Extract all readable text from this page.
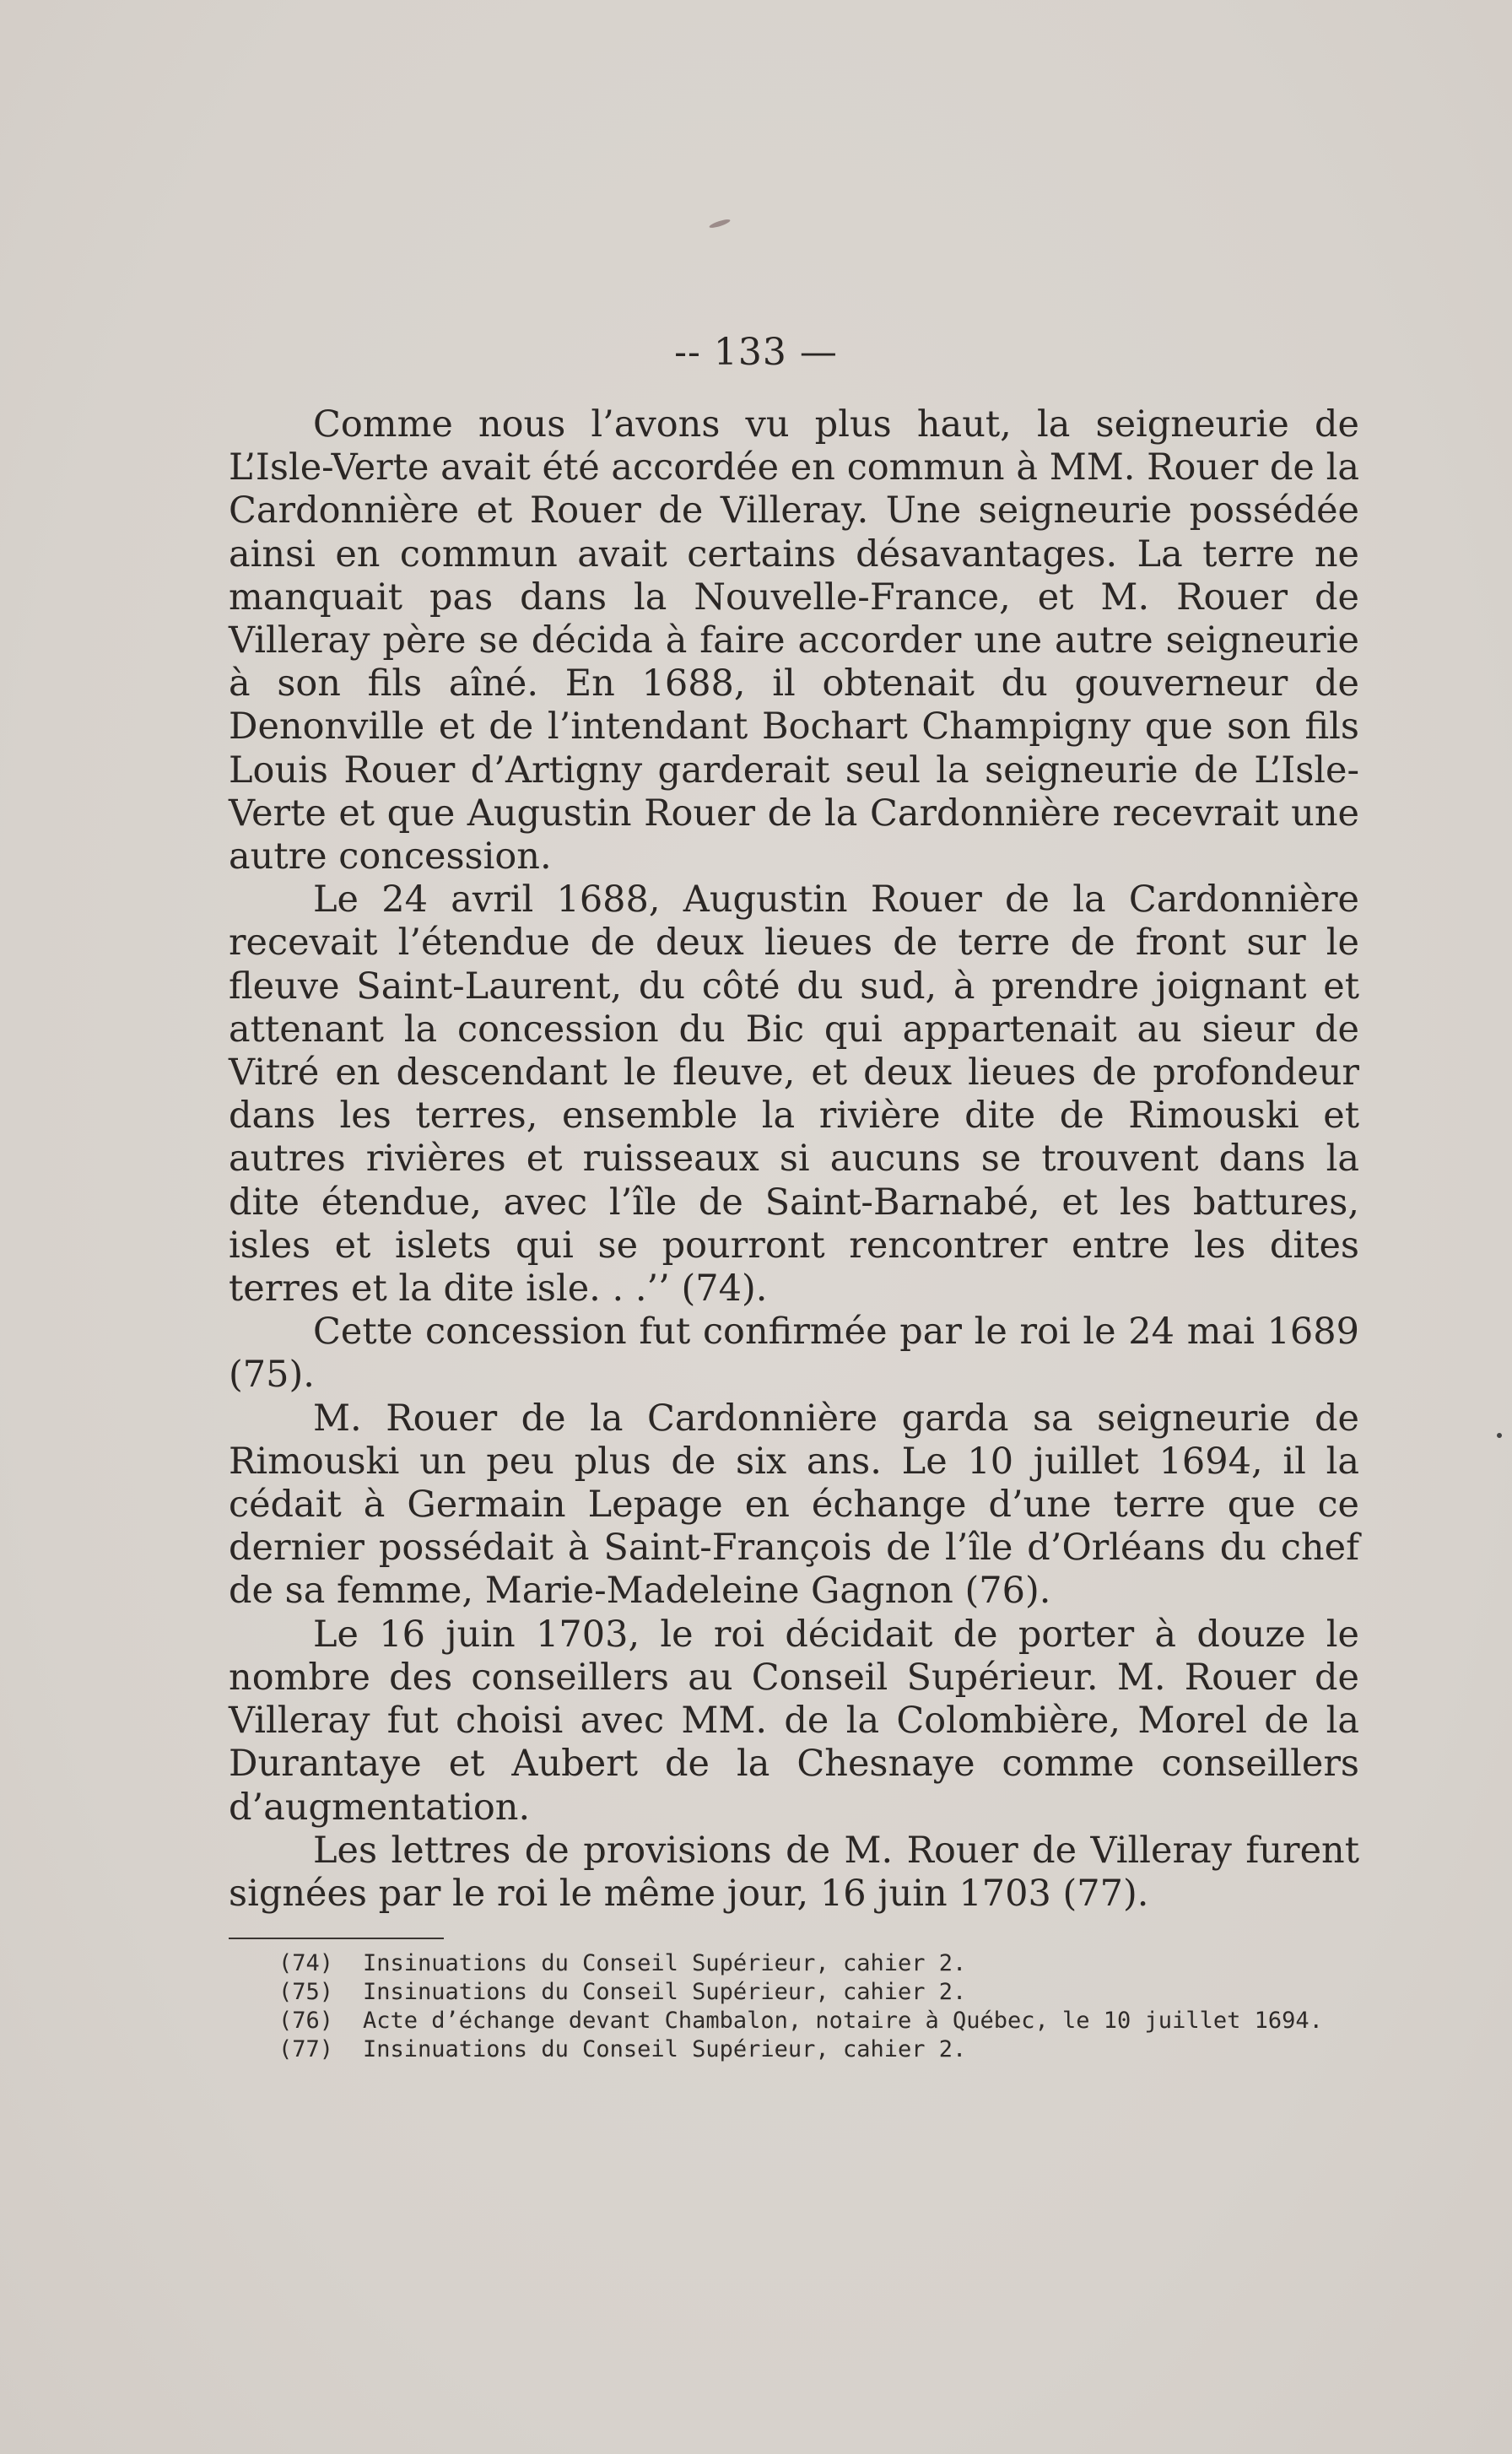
-- 133 —

Comme nous l’avons vu plus haut, la seigneurie de L’Isle-Verte avait été accordée en commun à MM. Rouer de la Cardonnière et Rouer de Villeray. Une seigneurie possédée ainsi en commun avait certains désavantages. La terre ne manquait pas dans la Nouvelle-France, et M. Rouer de Villeray père se décida à faire accorder une autre seigneurie à son fils aîné. En 1688, il obtenait du gouverneur de Denonville et de l’intendant Bochart Champigny que son fils Louis Rouer d’Artigny garderait seul la seigneurie de L’Isle-Verte et que Augustin Rouer de la Cardonnière recevrait une autre concession.

Le 24 avril 1688, Augustin Rouer de la Cardonnière recevait l’étendue de deux lieues de terre de front sur le fleuve Saint-Laurent, du côté du sud, à prendre joignant et attenant la concession du Bic qui appartenait au sieur de Vitré en descendant le fleuve, et deux lieues de profondeur dans les terres, ensemble la rivière dite de Rimouski et autres rivières et ruisseaux si aucuns se trouvent dans la dite étendue, avec l’île de Saint-Barnabé, et les battures, isles et islets qui se pourront rencontrer entre les dites terres et la dite isle. . .’’ (74).

Cette concession fut confirmée par le roi le 24 mai 1689 (75).

M. Rouer de la Cardonnière garda sa seigneurie de Rimouski un peu plus de six ans. Le 10 juillet 1694, il la cédait à Germain Lepage en échange d’une terre que ce dernier possédait à Saint-François de l’île d’Orléans du chef de sa femme, Marie-Madeleine Gagnon (76).

Le 16 juin 1703, le roi décidait de porter à douze le nombre des conseillers au Conseil Supérieur. M. Rouer de Villeray fut choisi avec MM. de la Colombière, Morel de la Durantaye et Aubert de la Chesnaye comme conseillers d’augmentation.

Les lettres de provisions de M. Rouer de Villeray furent signées par le roi le même jour, 16 juin 1703 (77).

(74)	Insinuations du Conseil Supérieur, cahier 2.
(75)	Insinuations du Conseil Supérieur, cahier 2.
(76)	Acte d’échange devant Chambalon, notaire à Québec, le 10 juillet 1694.
(77)	Insinuations du Conseil Supérieur, cahier 2.
